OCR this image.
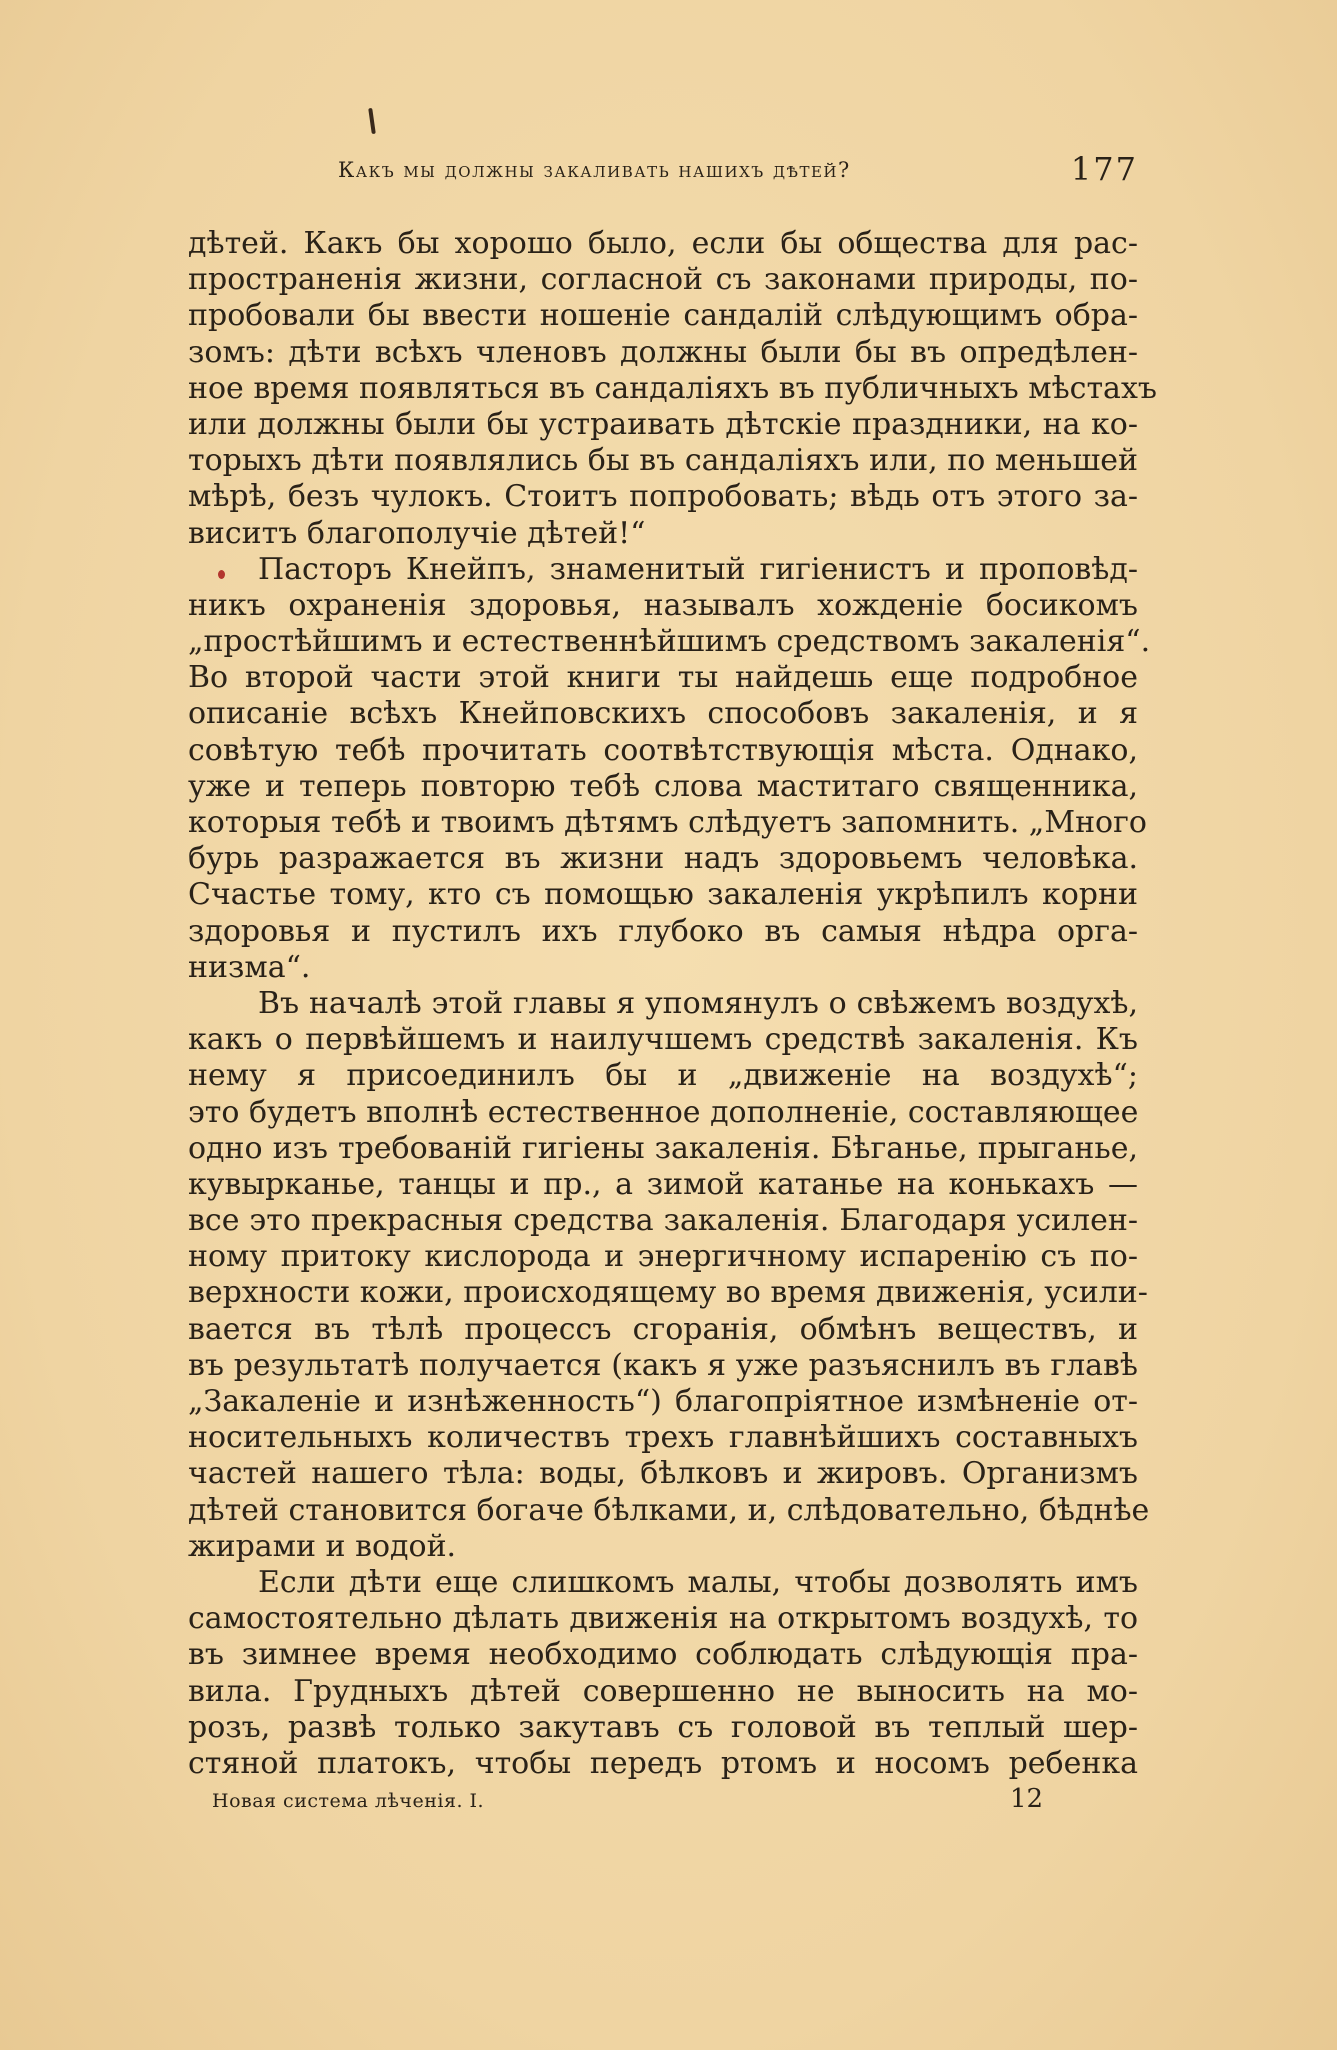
Какъ мы должны закаливать нашихъ дѣтей?	177
дѣтей. Какъ бы хорошо было, если бы общества для рас-
пространенія жизни, согласной съ законами природы, по-
пробовали бы ввести ношеніе сандалій слѣдующимъ обра-
зомъ: дѣти всѣхъ членовъ должны были бы въ опредѣлен-
ное время появляться въ сандаліяхъ въ публичныхъ мѣстахъ
или должны были бы устраивать дѣтскіе праздники, на ко-
торыхъ дѣти появлялись бы въ сандаліяхъ или, по меньшей
мѣрѣ, безъ чулокъ. Стоитъ попробовать; вѣдь отъ этого за-
виситъ благополучіе дѣтей!“
Пасторъ Кнейпъ, знаменитый гигіенистъ и проповѣд-
никъ охраненія здоровья, называлъ хожденіе босикомъ
„простѣйшимъ и естественнѣйшимъ средствомъ закаленія“.
Во второй части этой книги ты найдешь еще подробное
описаніе всѣхъ Кнейповскихъ способовъ закаленія, и я
совѣтую тебѣ прочитать соотвѣтствующія мѣста. Однако,
уже и теперь повторю тебѣ слова маститаго священника,
которыя тебѣ и твоимъ дѣтямъ слѣдуетъ запомнить. „Много
бурь разражается въ жизни надъ здоровьемъ человѣка.
Счастье тому, кто съ помощью закаленія укрѣпилъ корни
здоровья и пустилъ ихъ глубоко въ самыя нѣдра орга-
низма“.
Въ началѣ этой главы я упомянулъ о свѣжемъ воздухѣ,
какъ о первѣйшемъ и наилучшемъ средствѣ закаленія. Къ
нему я присоединилъ бы и „движеніе на воздухѣ“;
это будетъ вполнѣ естественное дополненіе, составляющее
одно изъ требованій гигіены закаленія. Бѣганье, прыганье,
кувырканье, танцы и пр., а зимой катанье на конькахъ —
все это прекрасныя средства закаленія. Благодаря усилен-
ному притоку кислорода и энергичному испаренію съ по-
верхности кожи, происходящему во время движенія, усили-
вается въ тѣлѣ процессъ сгоранія, обмѣнъ веществъ, и
въ результатѣ получается (какъ я уже разъяснилъ въ главѣ
„Закаленіе и изнѣженность“) благопріятное измѣненіе от-
носительныхъ количествъ трехъ главнѣйшихъ составныхъ
частей нашего тѣла: воды, бѣлковъ и жировъ. Организмъ
дѣтей становится богаче бѣлками, и, слѣдовательно, бѣднѣе
жирами и водой.
Если дѣти еще слишкомъ малы, чтобы дозволять имъ
самостоятельно дѣлать движенія на открытомъ воздухѣ, то
въ зимнее время необходимо соблюдать слѣдующія пра-
вила. Грудныхъ дѣтей совершенно не выносить на мо-
розъ, развѣ только закутавъ съ головой въ теплый шер-
стяной платокъ, чтобы передъ ртомъ и носомъ ребенка
Новая система лѣченія. I.	12
